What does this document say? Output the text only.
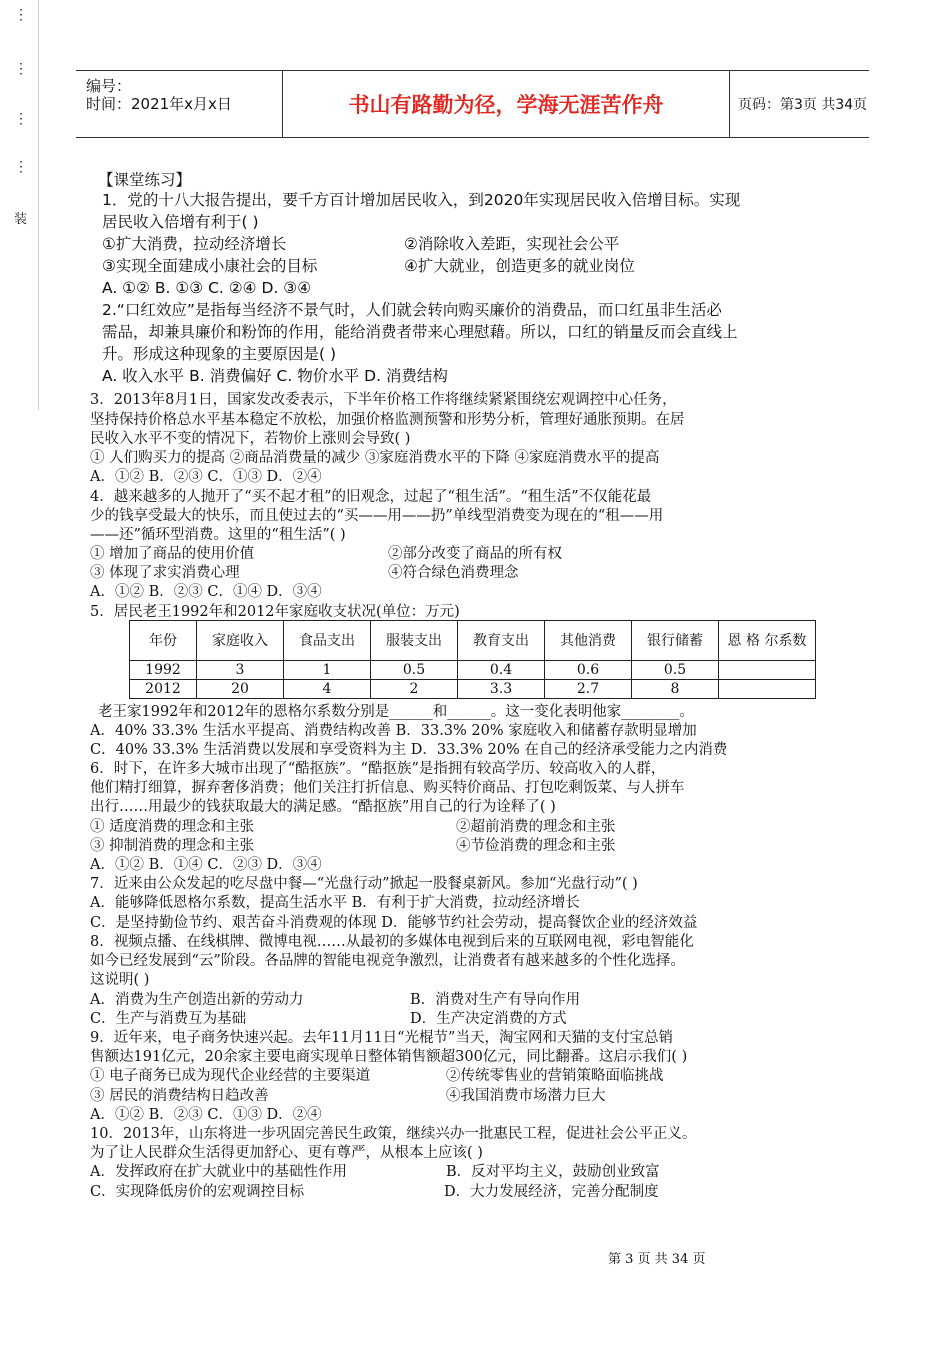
⋮
⋮
⋮
⋮
装
编号：
时间：2021年x月x日	书山有路勤为径，学海无涯苦作舟	页码：第3页 共34页
【课堂练习】
1．党的十八大报告提出，要千方百计增加居民收入，到2020年实现居民收入倍增目标。实现
居民收入倍增有利于( )
①扩大消费，拉动经济增长	②消除收入差距，实现社会公平
③实现全面建成小康社会的目标	④扩大就业，创造更多的就业岗位
A. ①② B. ①③ C. ②④ D. ③④
2.“口红效应”是指每当经济不景气时，人们就会转向购买廉价的消费品，而口红虽非生活必
需品，却兼具廉价和粉饰的作用，能给消费者带来心理慰藉。所以，口红的销量反而会直线上
升。形成这种现象的主要原因是( )
A. 收入水平 B. 消费偏好 C. 物价水平 D. 消费结构
3．2013年8月1日，国家发改委表示，下半年价格工作将继续紧紧围绕宏观调控中心任务，
坚持保持价格总水平基本稳定不放松，加强价格监测预警和形势分析，管理好通胀预期。在居
民收入水平不变的情况下，若物价上涨则会导致( )
① 人们购买力的提高 ②商品消费量的减少 ③家庭消费水平的下降 ④家庭消费水平的提高
A．①② B．②③ C．①③ D．②④
4．越来越多的人抛开了“买不起才租”的旧观念，过起了“租生活”。“租生活”不仅能花最
少的钱享受最大的快乐，而且使过去的“买——用——扔”单线型消费变为现在的“租——用
——还”循环型消费。这里的“租生活”( )
① 增加了商品的使用价值	②部分改变了商品的所有权
③ 体现了求实消费心理	④符合绿色消费理念
A．①② B．②③ C．①④ D．③④
5．居民老王1992年和2012年家庭收支状况(单位：万元)
老王家1992年和2012年的恩格尔系数分别是______和______。这一变化表明他家________。
A．40% 33.3% 生活水平提高、消费结构改善 B．33.3% 20% 家庭收入和储蓄存款明显增加
C．40% 33.3% 生活消费以发展和享受资料为主 D．33.3% 20% 在自己的经济承受能力之内消费
6．时下，在许多大城市出现了“酷抠族”。“酷抠族”是指拥有较高学历、较高收入的人群，
他们精打细算，摒弃奢侈消费；他们关注打折信息、购买特价商品、打包吃剩饭菜、与人拼车
出行……用最少的钱获取最大的满足感。“酷抠族”用自己的行为诠释了( )
① 适度消费的理念和主张	②超前消费的理念和主张
③ 抑制消费的理念和主张	④节俭消费的理念和主张
A．①② B．①④ C．②③ D．③④
7．近来由公众发起的吃尽盘中餐—“光盘行动”掀起一股餐桌新风。参加“光盘行动”( )
A．能够降低恩格尔系数，提高生活水平 B．有利于扩大消费，拉动经济增长
C．是坚持勤俭节约、艰苦奋斗消费观的体现 D．能够节约社会劳动，提高餐饮企业的经济效益
8．视频点播、在线棋牌、微博电视……从最初的多媒体电视到后来的互联网电视，彩电智能化
如今已经发展到“云”阶段。各品牌的智能电视竞争激烈，让消费者有越来越多的个性化选择。
这说明( )
A．消费为生产创造出新的劳动力	B．消费对生产有导向作用
C．生产与消费互为基础	D．生产决定消费的方式
9．近年来，电子商务快速兴起。去年11月11日“光棍节”当天，淘宝网和天猫的支付宝总销
售额达191亿元，20余家主要电商实现单日整体销售额超300亿元，同比翻番。这启示我们( )
① 电子商务已成为现代企业经营的主要渠道	②传统零售业的营销策略面临挑战
③ 居民的消费结构日趋改善	④我国消费市场潜力巨大
A．①② B．②③ C．①③ D．②④
10．2013年，山东将进一步巩固完善民生政策，继续兴办一批惠民工程，促进社会公平正义。
为了让人民群众生活得更加舒心、更有尊严，从根本上应该( )
A．发挥政府在扩大就业中的基础性作用	B．反对平均主义，鼓励创业致富
C．实现降低房价的宏观调控目标	D．大力发展经济，完善分配制度
年份	家庭收入	食品支出	服装支出	教育支出	其他消费	银行储蓄	恩 格 尔系数
1992	3	1	0.5	0.4	0.6	0.5	
2012	20	4	2	3.3	2.7	8	
第 3 页 共 34 页
